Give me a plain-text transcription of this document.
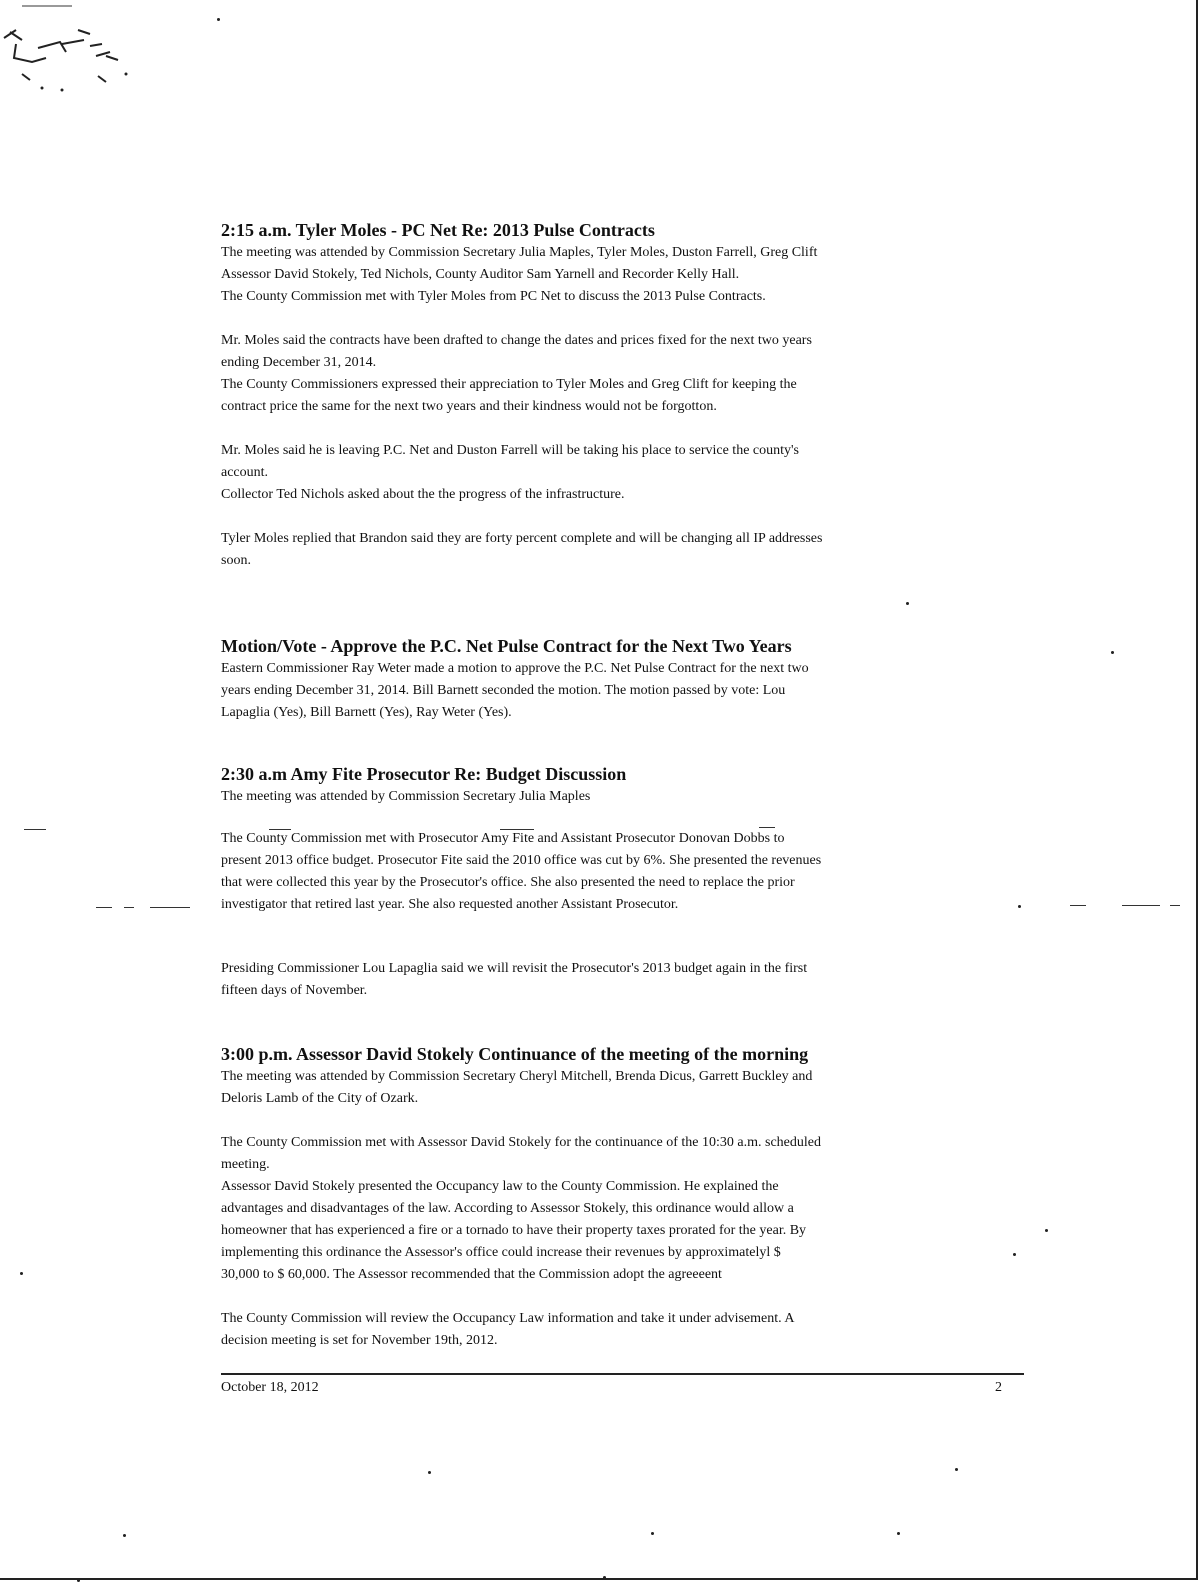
2:15 a.m. Tyler Moles - PC Net Re: 2013 Pulse Contracts

The meeting was attended by Commission Secretary Julia Maples, Tyler Moles, Duston Farrell, Greg Clift

Assessor David Stokely, Ted Nichols, County Auditor Sam Yarnell and Recorder Kelly Hall.

The County Commission met with Tyler Moles from PC Net to discuss the 2013 Pulse Contracts.

Mr. Moles said the contracts have been drafted to change the dates and prices fixed for the next two years

ending December 31, 2014.

The County Commissioners expressed their appreciation to Tyler Moles and Greg Clift for keeping the

contract price the same for the next two years and their kindness would not be forgotton.

Mr. Moles said he is leaving P.C. Net and Duston Farrell will be taking his place to service the county's

account.

Collector Ted Nichols asked about the the progress of the infrastructure.

Tyler Moles replied that Brandon said they are forty percent complete and will be changing all IP addresses

soon.

Motion/Vote - Approve the P.C. Net Pulse Contract for the Next Two Years

Eastern Commissioner Ray Weter made a motion to approve the P.C. Net Pulse Contract for the next two

years ending December 31, 2014. Bill Barnett seconded the motion. The motion passed by vote: Lou

Lapaglia (Yes), Bill Barnett (Yes), Ray Weter (Yes).

2:30 a.m Amy Fite Prosecutor Re: Budget Discussion

The meeting was attended by Commission Secretary Julia Maples

The County Commission met with Prosecutor Amy Fite and Assistant Prosecutor Donovan Dobbs to

present 2013 office budget. Prosecutor Fite said the 2010 office was cut by 6%. She presented the revenues

that were collected this year by the Prosecutor's office. She also presented the need to replace the prior

investigator that retired last year. She also requested another Assistant Prosecutor.

Presiding Commissioner Lou Lapaglia said we will revisit the Prosecutor's 2013 budget again in the first

fifteen days of November.

3:00 p.m. Assessor David Stokely Continuance of the meeting of the morning

The meeting was attended by Commission Secretary Cheryl Mitchell, Brenda Dicus, Garrett Buckley and

Deloris Lamb of the City of Ozark.

The County Commission met with Assessor David Stokely for the continuance of the 10:30 a.m. scheduled

meeting.

Assessor David Stokely presented the Occupancy law to the County Commission. He explained the

advantages and disadvantages of the law. According to Assessor Stokely, this ordinance would allow a

homeowner that has experienced a fire or a tornado to have their property taxes prorated for the year. By

implementing this ordinance the Assessor's office could increase their revenues by approximatelyl $

30,000 to $ 60,000. The Assessor recommended that the Commission adopt the agreeeent

The County Commission will review the Occupancy Law information and take it under advisement. A

decision meeting is set for November 19th, 2012.

October 18, 2012	2
